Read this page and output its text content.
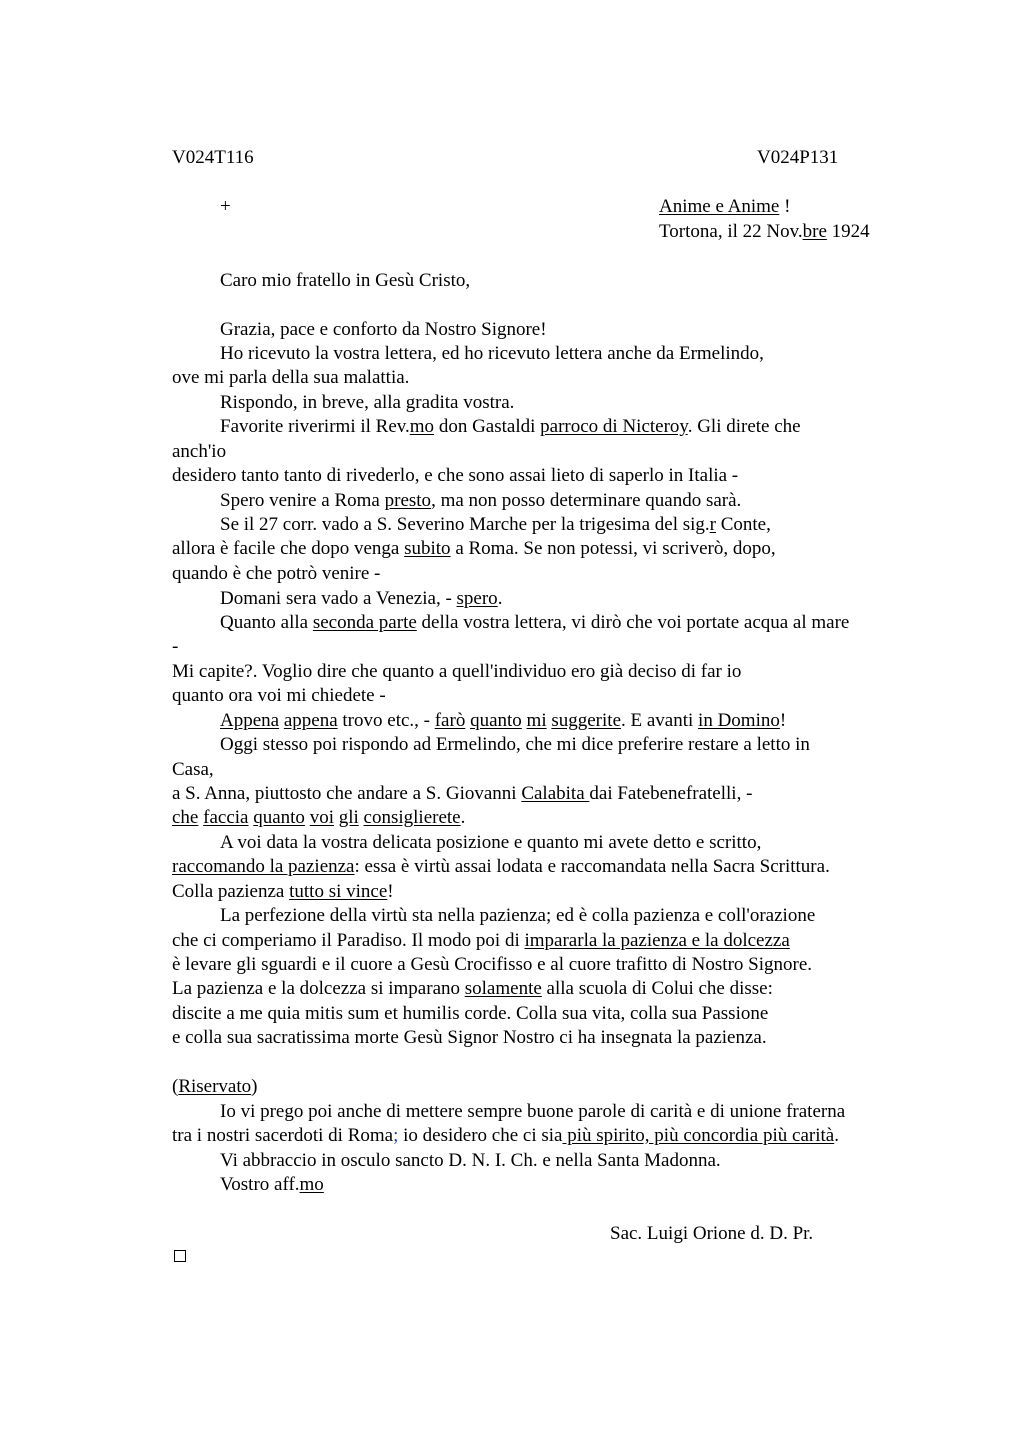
V024T116	V024P131
+	Anime e Anime !
Tortona, il 22 Nov.bre 1924
Caro mio fratello in Gesù Cristo,
Grazia, pace e conforto da Nostro Signore!
Ho ricevuto la vostra lettera, ed ho ricevuto lettera anche da Ermelindo,
ove mi parla della sua malattia.
Rispondo, in breve, alla gradita vostra.
Favorite riverirmi il Rev.mo don Gastaldi parroco di Nicteroy. Gli direte che
anch'io
desidero tanto tanto di rivederlo, e che sono assai lieto di saperlo in Italia -
Spero venire a Roma presto, ma non posso determinare quando sarà.
Se il 27 corr. vado a S. Severino Marche per la trigesima del sig.r Conte,
allora è facile che dopo venga subito a Roma. Se non potessi, vi scriverò, dopo,
quando è che potrò venire -
Domani sera vado a Venezia, - spero.
Quanto alla seconda parte della vostra lettera, vi dirò che voi portate acqua al mare
-
Mi capite?. Voglio dire che quanto a quell'individuo ero già deciso di far io
quanto ora voi mi chiedete -
Appena appena trovo etc., - farò quanto mi suggerite. E avanti in Domino!
Oggi stesso poi rispondo ad Ermelindo, che mi dice preferire restare a letto in
Casa,
a S. Anna, piuttosto che andare a S. Giovanni Calabita dai Fatebenefratelli, -
che faccia quanto voi gli consiglierete.
A voi data la vostra delicata posizione e quanto mi avete detto e scritto,
raccomando la pazienza: essa è virtù assai lodata e raccomandata nella Sacra Scrittura.
Colla pazienza tutto si vince!
La perfezione della virtù sta nella pazienza; ed è colla pazienza e coll'orazione
che ci comperiamo il Paradiso. Il modo poi di impararla la pazienza e la dolcezza
è levare gli sguardi e il cuore a Gesù Crocifisso e al cuore trafitto di Nostro Signore.
La pazienza e la dolcezza si imparano solamente alla scuola di Colui che disse:
discite a me quia mitis sum et humilis corde. Colla sua vita, colla sua Passione
e colla sua sacratissima morte Gesù Signor Nostro ci ha insegnata la pazienza.
(Riservato)
Io vi prego poi anche di mettere sempre buone parole di carità e di unione fraterna
tra i nostri sacerdoti di Roma; io desidero che ci sia più spirito, più concordia più carità.
Vi abbraccio in osculo sancto D. N. I. Ch. e nella Santa Madonna.
Vostro aff.mo
Sac. Luigi Orione d. D. Pr.
